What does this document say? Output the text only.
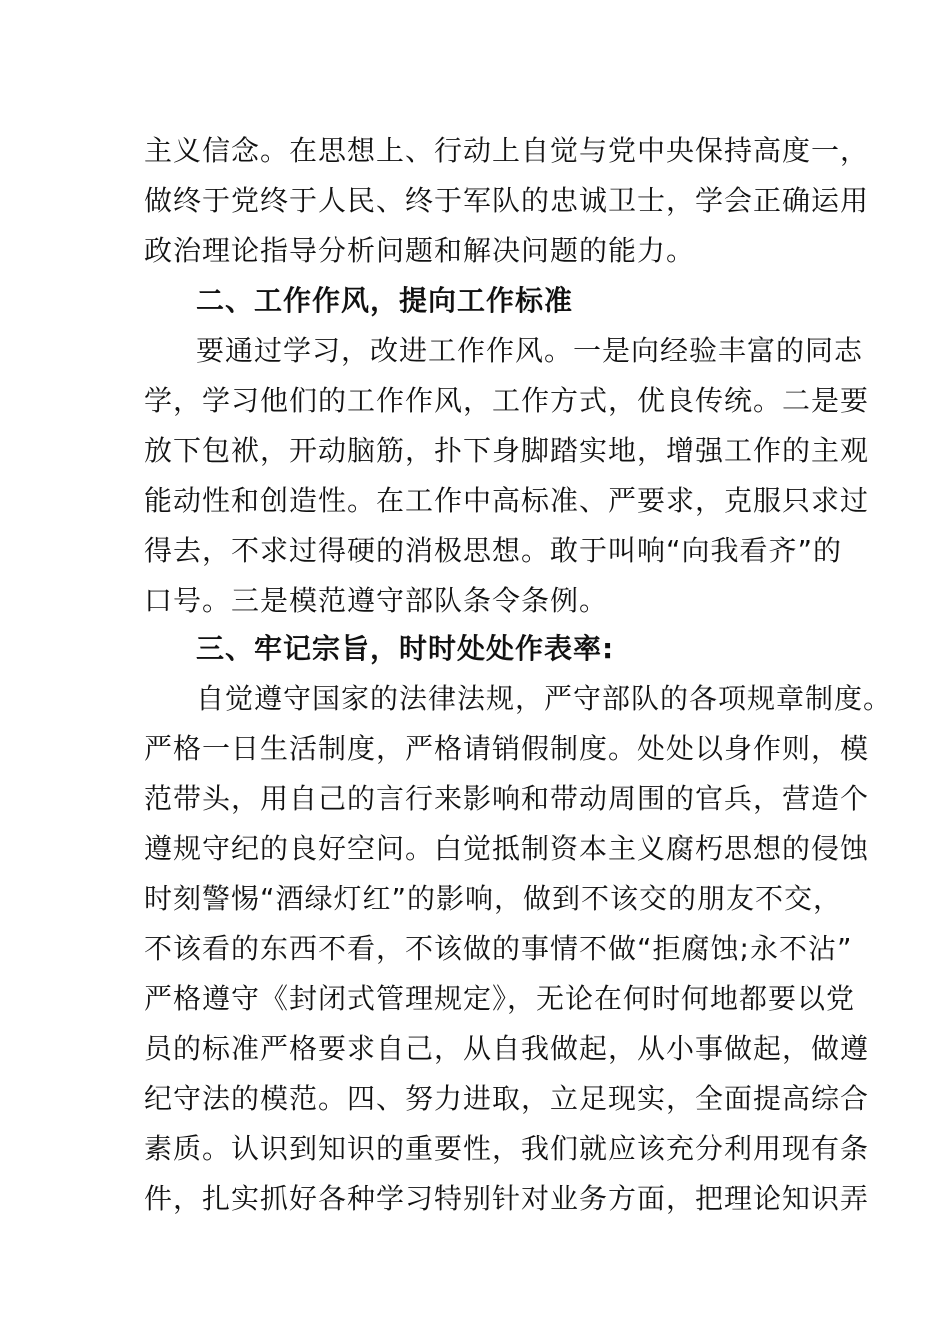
主义信念。在思想上、行动上自觉与党中央保持高度一，
做终于党终于人民、终于军队的忠诚卫士，学会正确运用
政治理论指导分析问题和解决问题的能力。
二、工作作风，提向工作标准
要通过学习，改进工作作风。一是向经验丰富的同志
学，学习他们的工作作风，工作方式，优良传统。二是要
放下包袱，开动脑筋，扑下身脚踏实地，增强工作的主观
能动性和创造性。在工作中高标准、严要求，克服只求过
得去，不求过得硬的消极思想。敢于叫响“向我看齐”的
口号。三是模范遵守部队条令条例。
三、牢记宗旨，时时处处作表率:
自觉遵守国家的法律法规，严守部队的各项规章制度。
严格一日生活制度，严格请销假制度。处处以身作则，模
范带头，用自己的言行来影响和带动周围的官兵，营造个
遵规守纪的良好空问。白觉抵制资本主义腐朽思想的侵蚀
时刻警惕“酒绿灯红”的影响，做到不该交的朋友不交，
不该看的东西不看，不该做的事情不做“拒腐蚀;永不沾”
严格遵守《封闭式管理规定》，无论在何时何地都要以党
员的标准严格要求自己，从自我做起，从小事做起，做遵
纪守法的模范。四、努力进取，立足现实，全面提高综合
素质。认识到知识的重要性，我们就应该充分利用现有条
件，扎实抓好各种学习特别针对业务方面，把理论知识弄
